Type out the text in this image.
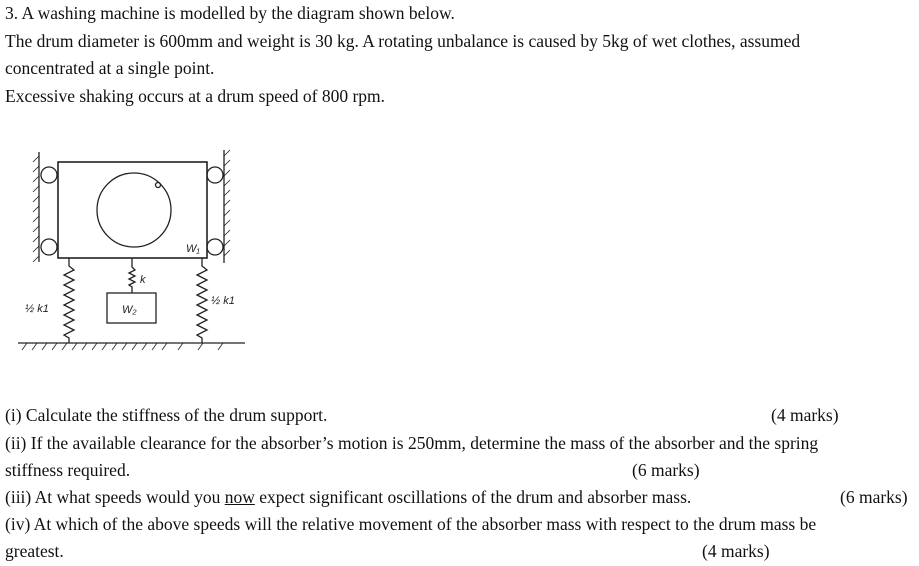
3. A washing machine is modelled by the diagram shown below.
The drum diameter is 600mm and weight is 30 kg. A rotating unbalance is caused by 5kg of wet clothes, assumed
concentrated at a single point.
Excessive shaking occurs at a drum speed of 800 rpm.
W₁
W₂
k
½ k1
½ k1
(i) Calculate the stiffness of the drum support.	(4 marks)
(ii) If the available clearance for the absorber’s motion is 250mm, determine the mass of the absorber and the spring
stiffness required.	(6 marks)
(iii) At what speeds would you now expect significant oscillations of the drum and absorber mass.	(6 marks)
(iv) At which of the above speeds will the relative movement of the absorber mass with respect to the drum mass be
greatest.	(4 marks)
